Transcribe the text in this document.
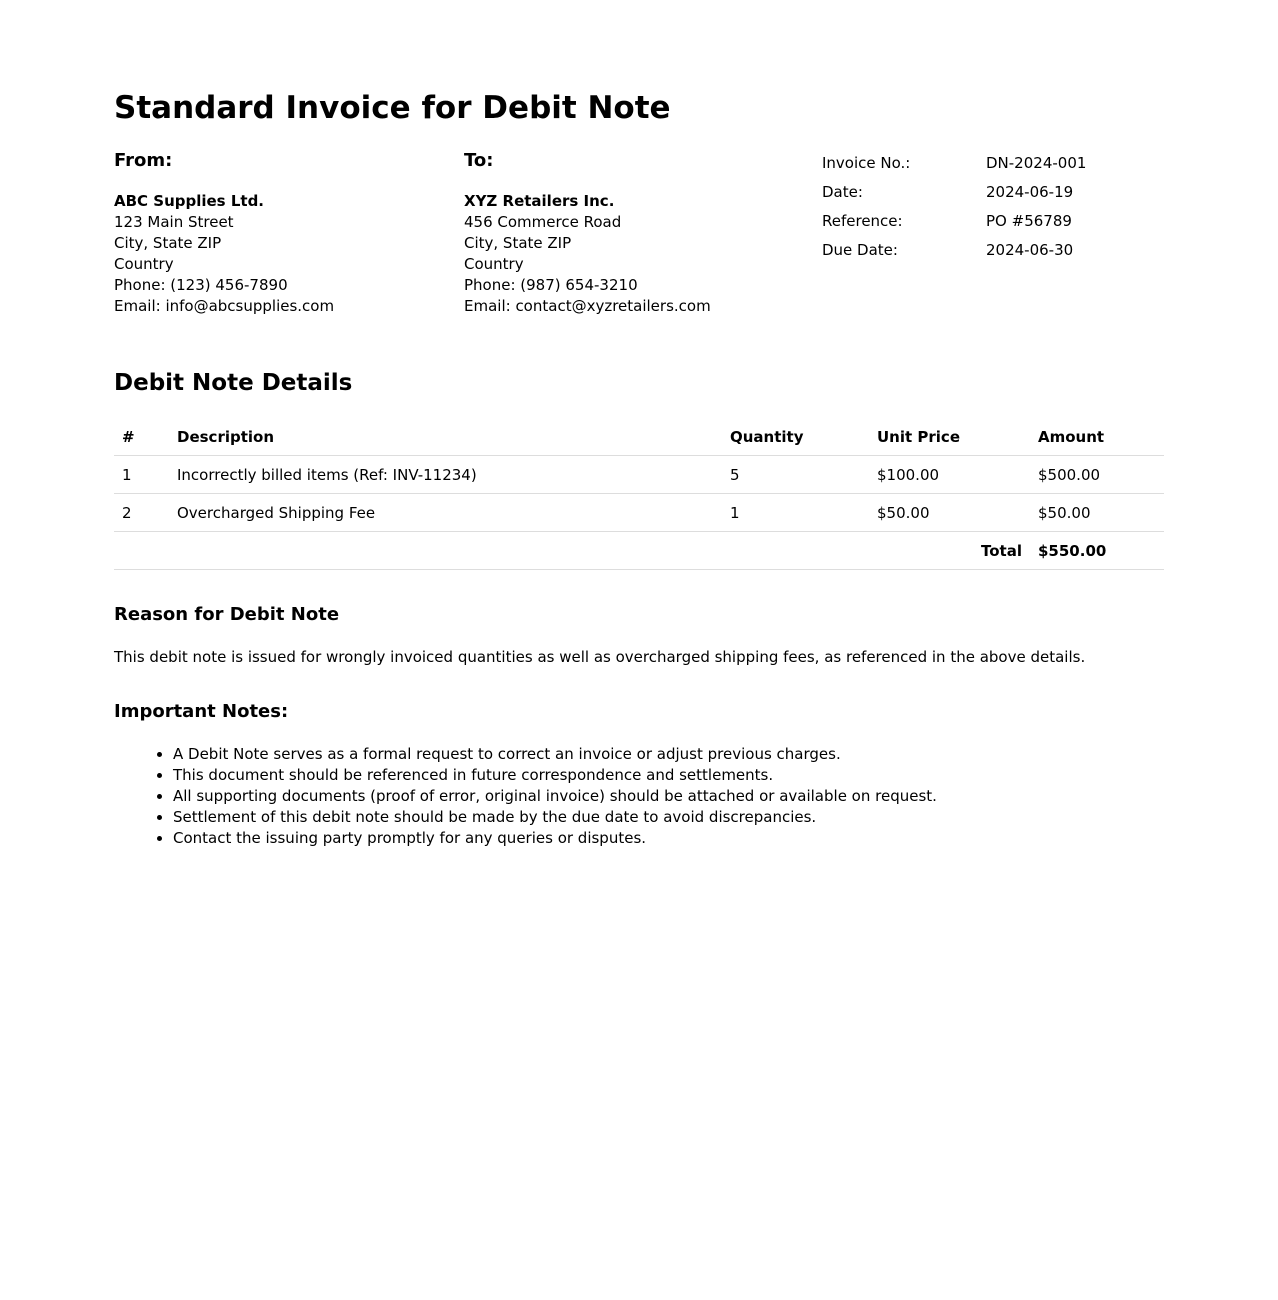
Standard Invoice for Debit Note
From:
ABC Supplies Ltd.
123 Main Street
City, State ZIP
Country
Phone: (123) 456-7890
Email: info@abcsupplies.com
To:
XYZ Retailers Inc.
456 Commerce Road
City, State ZIP
Country
Phone: (987) 654-3210
Email: contact@xyzretailers.com
Invoice No.:	DN-2024-001
Date:	2024-06-19
Reference:	PO #56789
Due Date:	2024-06-30
Debit Note Details
#	Description	Quantity	Unit Price	Amount
1	Incorrectly billed items (Ref: INV-11234)	5	$100.00	$500.00
2	Overcharged Shipping Fee	1	$50.00	$50.00
Total				$550.00
Reason for Debit Note

This debit note is issued for wrongly invoiced quantities as well as overcharged shipping fees, as referenced in the above details.

Important Notes:
• A Debit Note serves as a formal request to correct an invoice or adjust previous charges.
• This document should be referenced in future correspondence and settlements.
• All supporting documents (proof of error, original invoice) should be attached or available on request.
• Settlement of this debit note should be made by the due date to avoid discrepancies.
• Contact the issuing party promptly for any queries or disputes.
